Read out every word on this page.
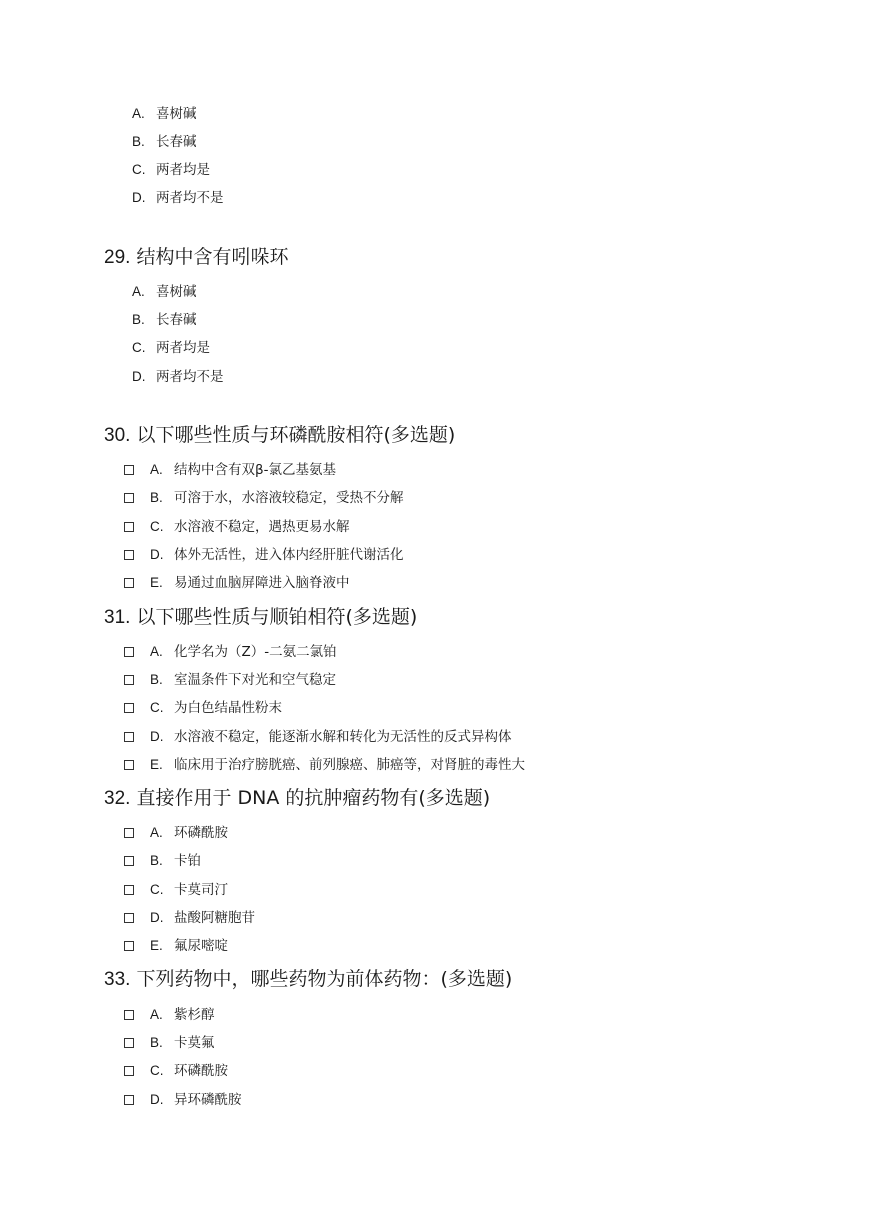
A. 喜树碱
B. 长春碱
C. 两者均是
D. 两者均不是
29. 结构中含有吲哚环
A. 喜树碱
B. 长春碱
C. 两者均是
D. 两者均不是
30. 以下哪些性质与环磷酰胺相符(多选题)
A. 结构中含有双β-氯乙基氨基
B. 可溶于水，水溶液较稳定，受热不分解
C. 水溶液不稳定，遇热更易水解
D. 体外无活性，进入体内经肝脏代谢活化
E. 易通过血脑屏障进入脑脊液中
31. 以下哪些性质与顺铂相符(多选题)
A. 化学名为（Z）-二氨二氯铂
B. 室温条件下对光和空气稳定
C. 为白色结晶性粉末
D. 水溶液不稳定，能逐渐水解和转化为无活性的反式异构体
E. 临床用于治疗膀胱癌、前列腺癌、肺癌等，对肾脏的毒性大
32. 直接作用于 DNA 的抗肿瘤药物有(多选题)
A. 环磷酰胺
B. 卡铂
C. 卡莫司汀
D. 盐酸阿糖胞苷
E. 氟尿嘧啶
33. 下列药物中，哪些药物为前体药物：(多选题)
A. 紫杉醇
B. 卡莫氟
C. 环磷酰胺
D. 异环磷酰胺
